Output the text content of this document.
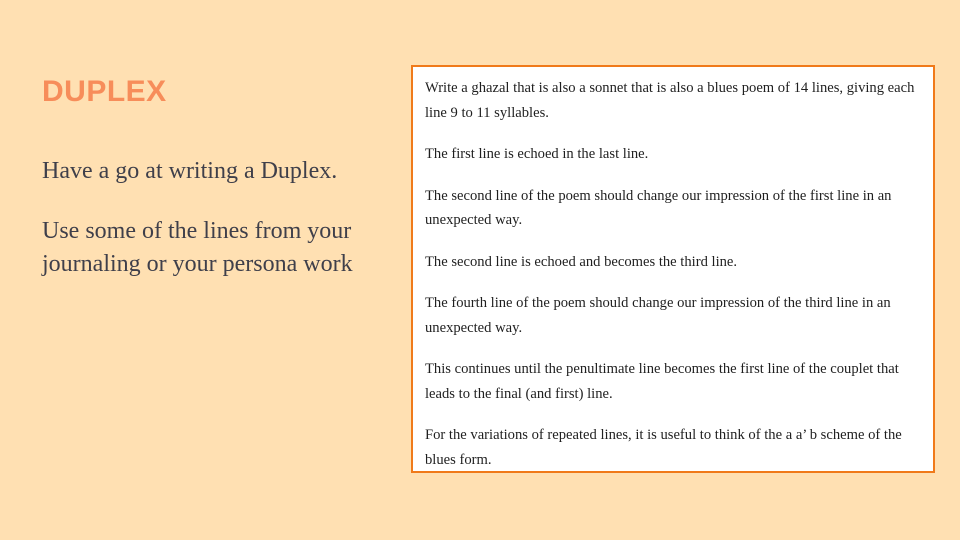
DUPLEX

Have a go at writing a Duplex.

Use some of the lines from your journaling or your persona work

Write a ghazal that is also a sonnet that is also a blues poem of 14 lines, giving each line 9 to 11 syllables.

The first line is echoed in the last line.

The second line of the poem should change our impression of the first line in an unexpected way.

The second line is echoed and becomes the third line.

The fourth line of the poem should change our impression of the third line in an unexpected way.

This continues until the penultimate line becomes the first line of the couplet that leads to the final (and first) line.

For the variations of repeated lines, it is useful to think of the a a’ b scheme of the blues form.
